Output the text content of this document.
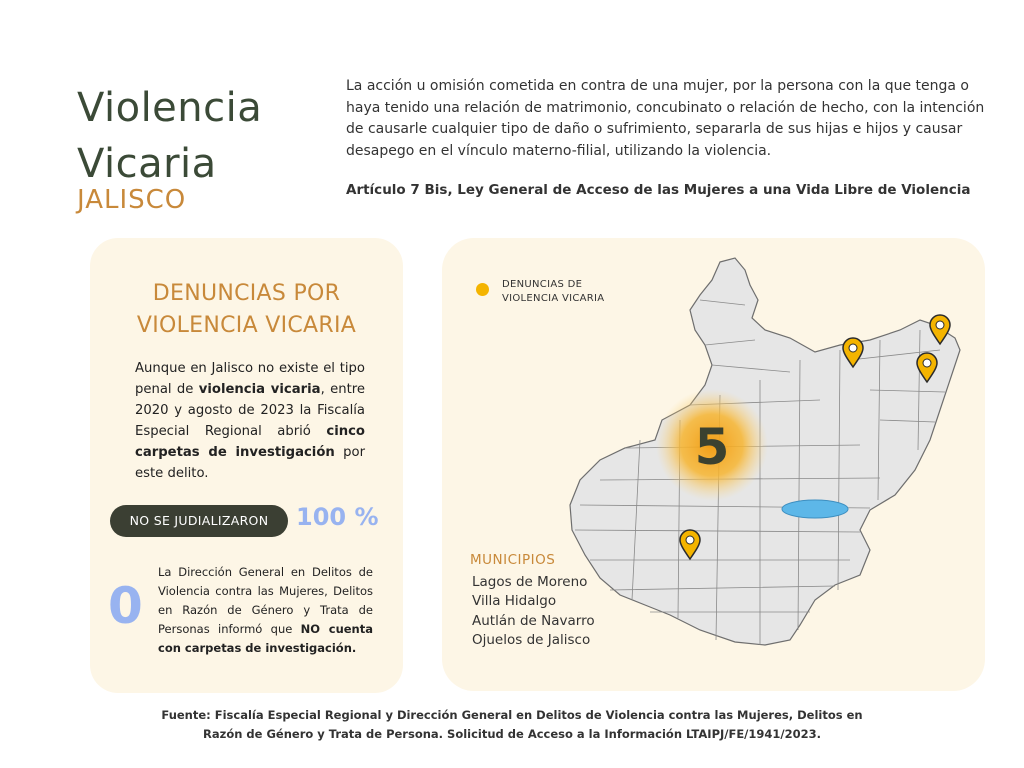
Violencia Vicaria
JALISCO

La acción u omisión cometida en contra de una mujer, por la persona con la que tenga o haya tenido una relación de matrimonio, concubinato o relación de hecho, con la intención de causarle cualquier tipo de daño o sufrimiento, separarla de sus hijas e hijos y causar desapego en el vínculo materno-filial, utilizando la violencia.

Artículo 7 Bis, Ley General de Acceso de las Mujeres a una Vida Libre de Violencia

DENUNCIAS POR VIOLENCIA VICARIA

Aunque en Jalisco no existe el tipo penal de violencia vicaria, entre 2020 y agosto de 2023 la Fiscalía Especial Regional abrió cinco carpetas de investigación por este delito.

NO SE JUDIALIZARON	100 %
0

La Dirección General en Delitos de Violencia contra las Mujeres, Delitos en Razón de Género y Trata de Personas informó que NO cuenta con carpetas de investigación.

5
DENUNCIAS DE VIOLENCIA VICARIA
MUNICIPIOS
Lagos de Moreno
Villa Hidalgo
Autlán de Navarro
Ojuelos de Jalisco
Fuente: Fiscalía Especial Regional y Dirección General en Delitos de Violencia contra las Mujeres, Delitos en
Razón de Género y Trata de Persona. Solicitud de Acceso a la Información LTAIPJ/FE/1941/2023.
